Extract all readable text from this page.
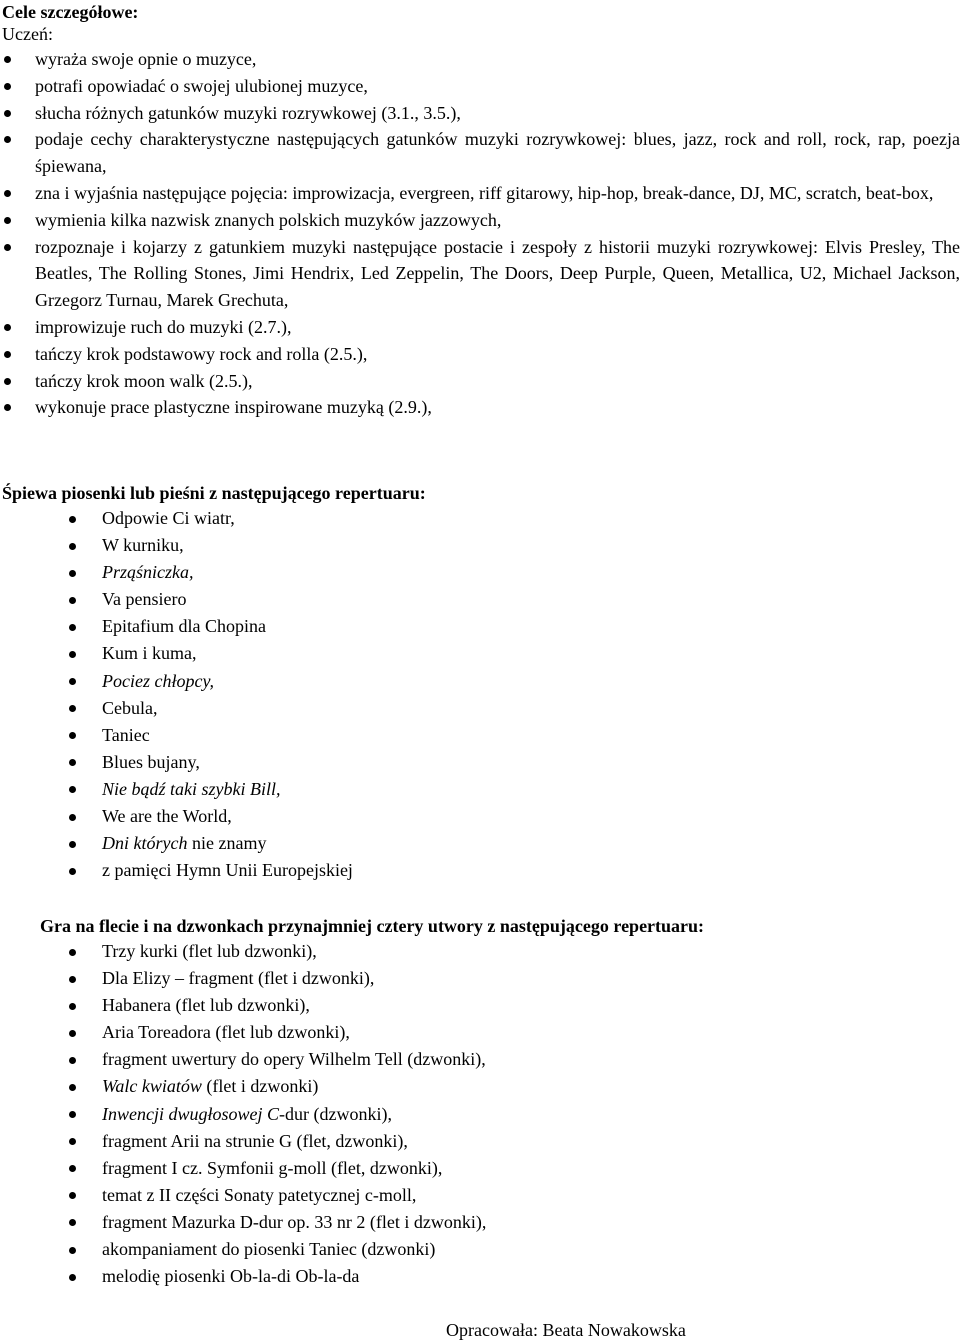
Cele szczegółowe:
Uczeń:
wyraża swoje opnie o muzyce,
potrafi opowiadać o swojej ulubionej muzyce,
słucha różnych gatunków muzyki rozrywkowej (3.1., 3.5.),
podaje cechy charakterystyczne następujących gatunków muzyki rozrywkowej: blues, jazz, rock and roll, rock, rap, poezja śpiewana,
zna i wyjaśnia następujące pojęcia: improwizacja, evergreen, riff gitarowy, hip-hop, break-dance, DJ, MC, scratch, beat-box,
wymienia kilka nazwisk znanych polskich muzyków jazzowych,
rozpoznaje i kojarzy z gatunkiem muzyki następujące postacie i zespoły z historii muzyki rozrywkowej: Elvis Presley, The Beatles, The Rolling Stones, Jimi Hendrix, Led Zeppelin, The Doors, Deep Purple, Queen, Metallica, U2, Michael Jackson, Grzegorz Turnau, Marek Grechuta,
improwizuje ruch do muzyki (2.7.),
tańczy krok podstawowy rock and rolla (2.5.),
tańczy krok moon walk (2.5.),
wykonuje prace plastyczne inspirowane muzyką (2.9.),
Śpiewa piosenki lub pieśni z następującego repertuaru:
Odpowie Ci wiatr,
W kurniku,
Prząśniczka,
Va pensiero
Epitafium dla Chopina
Kum i kuma,
Pociez chłopcy,
Cebula,
Taniec
Blues bujany,
Nie bądź taki szybki Bill,
We are the World,
Dni których nie znamy
z pamięci Hymn Unii Europejskiej
Gra na flecie i na dzwonkach przynajmniej cztery utwory z następującego repertuaru:
Trzy kurki (flet lub dzwonki),
Dla Elizy – fragment (flet i dzwonki),
Habanera (flet lub dzwonki),
Aria Toreadora (flet lub dzwonki),
fragment uwertury do opery Wilhelm Tell (dzwonki),
Walc kwiatów (flet i dzwonki)
Inwencji dwugłosowej C-dur (dzwonki),
fragment Arii na strunie G (flet, dzwonki),
fragment I cz. Symfonii g-moll (flet, dzwonki),
temat z II części Sonaty patetycznej c-moll,
fragment Mazurka D-dur op. 33 nr 2 (flet i dzwonki),
akompaniament do piosenki Taniec (dzwonki)
melodię piosenki Ob-la-di Ob-la-da
Opracowała: Beata Nowakowska
